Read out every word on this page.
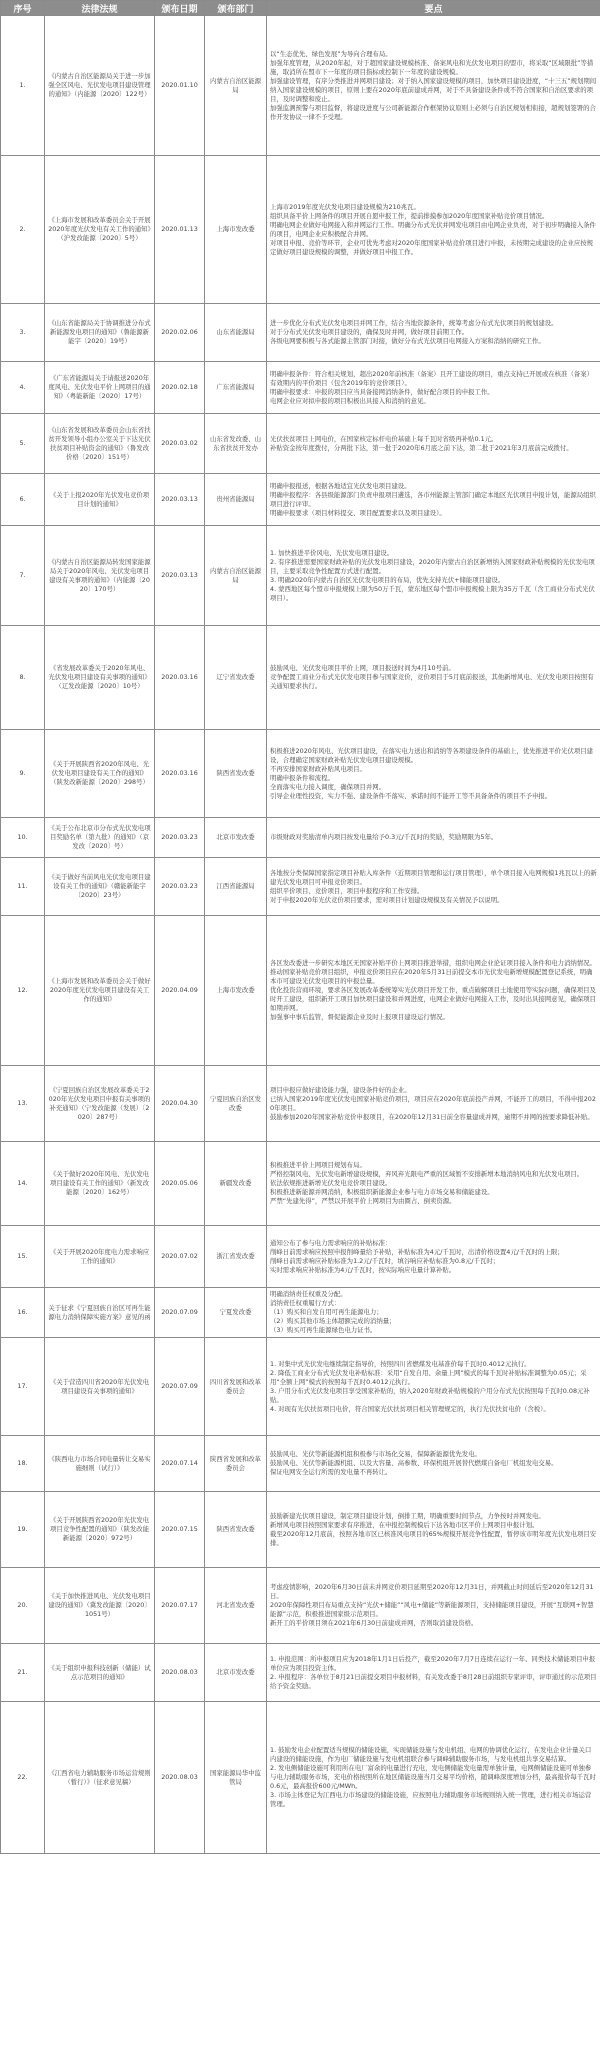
序号	法律法规	颁布日期	颁布部门	要点
1.	《内蒙古自治区能源局关于进一步加强全区风电、光伏发电项目建设管理的通知》（内能源〔2020〕122号）	2020.01.10	内蒙古自治区能源局	以“生态优先、绿色发展”为导向合理布局。

加强年度管理，从2020年起，对于超国家建设规模核准、备案风电和光伏发电项目的盟市，将采取“区域限批”等措施，取消所在盟市下一年度的项目指标或控制下一年度的建设规模。

加强建设管理，有序分类推进并网项目建设；对于纳入国家建设规模的项目，加快项目建设进度，“十三五”规划期间纳入国家建设规模的项目，原则上要在2020年底前建成并网，对于不具备建设条件或不符合国家和自治区要求的项目，及时调整和废止。

加强监测预警与项目监督，将建设进度与公司新能源合作框架协议原则上必须与自治区规划相衔接，超规划签署的合作开发协议一律不予受理。

2.	《上海市发展和改革委员会关于开展2020年度光伏发电有关工作的通知》（沪发改能源〔2020〕5号）	2020.01.13	上海市发改委	上海市2019年度光伏发电项目建设规模为210兆瓦。

组织具备平价上网条件的项目开展自愿申报工作，提前排摸参加2020年度国家补贴竞价项目情况。

明确电网企业做好电网接入和并网运行工作。明确分布式光伏并网发电项目由电网企业负责，对于初步明确接入条件的项目，电网企业应积极配合并网。

对项目申报、竞价等环节，企业可优先考虑对2020年度国家补贴竞价项目进行申报，未按期完成建设的企业应按规定做好项目建设规模的调整，并做好项目申报工作。

3.	《山东省能源局关于协调推进分布式新能源发电项目的通知》（鲁能源新能字〔2020〕19号）	2020.02.06	山东省能源局	进一步优化分布式光伏发电项目并网工作，结合当地资源条件，统筹考虑分布式光伏项目的规划建设。

对于分布式光伏发电项目建设的，确保及时并网，做好项目前期工作。

各级电网要积极与各式能源主管部门对接，做好分布式光伏项目电网接入方案和消纳的研究工作。

4.	《广东省能源局关于请报送2020年度风电、光伏发电平价上网项目的通知》（粤能新能〔2020〕17号）	2020.02.18	广东省能源局	明确申报条件：符合相关规划，超出2020年前核准（备案）且开工建设的项目，重点支持已开展或在核准（备案）有效期内的平价项目（包含2019年的竞价项目）。

明确申报要求：申报的项目应当具备接网消纳条件，做好配合项目的申报工作。

电网企业应对拟申报的项目积极出具接入和消纳的意见。

5.	《山东省发展和改革委员会山东省扶贫开发领导小组办公室关于下达光伏扶贫项目补贴资金的通知》（鲁发改价格〔2020〕151号）	2020.03.02	山东省发改委、山东省扶贫开发办	光伏扶贫项目上网电价，在国家核定标杆电价基础上每千瓦时省级再补贴0.1元。

补贴资金按年度拨付，分两批下达，第一批于2020年6月底之前下达，第二批于2021年3月底前完成拨付。

6.	《关于上报2020年光伏发电竞价项目计划的通知》	2020.03.13	贵州省能源局	明确申报报送，根据各地适宜光伏发电项目建设。

明确申报程序：各县级能源部门负责申报项目遴选，各市州能源主管部门确定本地区光伏项目申报计划，能源局组织项目进行评审。

明确申报要求（项目材料提交、项目配置要求以及项目建设）。

7.	《内蒙古自治区能源局转发国家能源局关于2020年风电、光伏发电项目建设有关事项的通知》（内能源〔2020〕170号）	2020.03.13	内蒙古自治区能源局	1. 加快推进平价风电、光伏发电项目建设。

2. 有序推进需要国家财政补贴的光伏发电项目建设，2020年内蒙古自治区新增纳入国家财政补贴规模的光伏发电项目，主要采取竞争性配置方式进行配置。

3. 明确2020年内蒙古自治区光伏发电项目的布局，优先支持光伏+储能项目建设。

4. 蒙西地区每个盟市申报规模上限为50万千瓦，蒙东地区每个盟市申报规模上限为35万千瓦（含工商业分布式光伏项目）。

8.	《省发展改革委关于2020年风电、光伏发电项目建设有关事项的通知》（辽发改能源〔2020〕10号）	2020.03.16	辽宁省发改委	鼓励风电、光伏发电项目平价上网，项目报送时间为4月10号前。

竞争配置工商业分布式光伏发电项目参与国家竞价，竞价项目于5月底前报送，其他新增风电、光伏发电项目按照有关通知要求执行。

9.	《关于开展陕西省2020年风电、光伏发电项目建设有关工作的通知》（陕发改新能源〔2020〕298号）	2020.03.16	陕西省发改委	积极推进2020年风电、光伏项目建设，在落实电力送出和消纳等各项建设条件的基础上，优先推进平价光伏项目建设，合理确定国家财政补贴光伏发电项目建设规模。

不再安排国家财政补贴风电项目。

明确申报条件和流程。

全面落实电力接入调度，确保项目并网。

引导企业理性投资，实力不强、建设条件不落实、承诺时间不能开工等不具备条件的项目不予申报。

10.	《关于公布北京市分布式光伏发电项目奖励名单（第九批）的通知》（京发改〔2020〕号）	2020.03.23	北京市发改委	市级财政对奖励清单内项目按发电量给予0.3元/千瓦时的奖励，奖励期限为5年。

11.	《关于做好当前风电光伏发电项目建设有关工作的通知》（赣能新能字〔2020〕23号）	2020.03.23	江西省能源局	各地按分类保障国家指定项目补贴入库条件（近期项目管理和运行项目管理），单个项目接入电网规模1兆瓦以上的新建光伏发电项目可申报竞价项目。

组织平价项目、竞价项目，项目申报程序和工作安排。

对于申报2020年光伏竞价项目要求，需对项目计划建设规模及有关情况予以说明。

12.	《上海市发展和改革委员会关于做好2020年度光伏发电项目建设有关工作的通知》	2020.04.09	上海市发改委	各区发改委进一步研究本地区无国家补贴平价上网项目推进举措，组织电网企业论证项目接入条件和电力消纳情况。

推动国家补贴竞价项目组织，申报竞价项目应在2020年5月31日前提交本市光伏发电新增规模配置登记系统，明确本市可建设光伏发电项目的申报总量。

优化投资营商环境，要求各区发展改革委统筹实光伏项目开发工作，重点破解项目土地使用等实际问题，确保项目及时开工建设，组织新开工项目加快项目建设和并网进度，电网企业做好电网接入工作，及时出具接网意见，确保项目如期并网。

加强事中事后监管，督促能源企业及时上报项目建设运行情况。

13.	《宁夏回族自治区发展改革委关于2020年光伏发电项目申报有关事项的补充通知》（宁发改能源（发展）〔2020〕287号）	2020.04.30	宁夏回族自治区发改委	项目申报应做好建设能力强，建设条件好的企业。

已纳入国家2019年度光伏发电国家补贴竞价项目，项目应在2020年底前投产并网，不能开工的项目，不得申报2020年项目。

鼓励参加2020年国家补贴竞价申报项目，在2020年12月31日前全容量建成并网，逾期不并网的按要求降低补贴。

14.	《关于做好2020年风电、光伏发电项目建设有关工作的通知》（新发改能源〔2020〕162号）	2020.05.06	新疆发改委	积极推进平价上网项目规划布局。

严格控制风电、光伏发电新增建设规模，弃风弃光限电严重的区域暂不安排新增本地消纳风电和光伏发电项目。

依法依规推进新增光伏发电竞价项目建设。

积极推进新能源并网消纳，积极组织新能源企业参与电力市场交易和储能建设。

严禁“先建先得”，严禁以开展平价上网项目为由圈占、倒卖资源。

15.	《关于开展2020年度电力需求响应工作的通知》	2020.07.02	浙江省发改委	通知公布了参与电力需求响应的补贴标准：

削峰日前需求响应按照申报削峰量给予补贴，补贴标准为4元/千瓦时，出清价格设置4元/千瓦时的上限；

削峰日前需求响应补贴标准为1.2元/千瓦时，填谷响应补贴标准为0.8元/千瓦时；

实时需求响应补贴标准为4元/千瓦时，按实际响应电量计算补贴。

16.	关于征求《宁夏回族自治区可再生能源电力消纳保障实施方案》意见的函	2020.07.09	宁夏发改委	明确消纳责任权重及分配。

消纳责任权重履行方式：

（1）购买和自发自用可再生能源电力；

（2）购买其他市场主体超额完成的消纳量；

（3）购买可再生能源绿色电力证书。

17.	《关于营造四川省2020年光伏发电项目建设有关事项的通知》	2020.07.09	四川省发展和改革委员会	1. 对集中式光伏发电继续制定指导价，按照四川省燃煤发电基准价每千瓦时0.4012元执行。

2. 降低工商业分布式光伏发电补贴标准：采用“自发自用、余量上网”模式的每千瓦时补贴标准调整为0.05元；采用“全额上网”模式的按照每千瓦时0.4012元执行。

3. 户用分布式光伏发电项目享受国家补贴的，纳入2020年财政补贴规模的户用分布式光伏按照每千瓦时0.08元补贴。

4. 对现有光伏扶贫项目电价，符合国家光伏扶贫项目相关管理规定的，执行光伏扶贫电价（含税）。

18.	《陕西电力市场合同电量转让交易实施细则（试行）》	2020.07.14	陕西省发展和改革委员会	鼓励风电、光伏等新能源机组积极参与市场化交易，保障新能源优先发电。

鼓励风电、光伏等新能源机组、以及大容量、高参数、环保机组开展替代燃煤自备电厂机组发电交易。

保证电网安全运行所需的发电量不再转让。

19.	《关于开展陕西省2020年光伏发电项目竞争性配置的通知》（陕发改能新能源〔2020〕972号）	2020.07.15	陕西省发改委	鼓励新建光伏项目建设，制定项目建设计划，倒排工期，明确重要时间节点，力争按时并网发电。

新增风电项目按照国家要求有序推进，在申报控制规模后下达各地市区平价上网项目申报计划。

截至2020年12月底前，按照各地市区已核准风电项目的65%规模开展竞争性配置，暂停该市明年度光伏发电项目安排。

20.	《关于加快推进风电、光伏发电项目建设的通知》（冀发改能源〔2020〕1051号）	2020.07.17	河北省发改委	考虑疫情影响，2020年6月30日前未并网竞价项目延期至2020年12月31日，并网截止时间延后至2020年12月31日。

2020年保障性项目布局重点支持“光伏+储能”“风电+储能”等新能源项目，支持储能项目建设，开展“互联网+智慧能源”示范，积极推进国家级示范项目。

新开工的平价项目须在2021年6月30日前建成并网，否则取消建设资格。

21.	《关于组织申报科技创新（储能）试点示范项目的通知》	2020.08.03	北京市发改委	1. 申报范围：所申报项目应为2018年1月1日后投产，截至2020年7月7日连续在运行一年、同类技术储能项目申报单位应为项目投资主体。

2. 申报程序：各单位于8月21日前提交项目申报材料，有关发改委于8月28日前组织专家评审，评审通过的示范项目给予资金奖励。

22.	《江西省电力辅助服务市场运营规则（暂行）》（征求意见稿）	2020.08.03	国家能源局华中监管局	1. 鼓励发电企业配置适当规模的储能设施，实现储能设施与发电机组、电网的协调优化运行，在发电企业计量关口内建设的储能设施，作为电厂储能设施与发电机组联合参与调峰辅助服务市场，与发电机组共享交易结算。

2. 发电侧储能设施可利用所在电厂富余的电量进行充电，发电侧储能发电量需单独计量，电网侧储能设施可单独参与电力辅助服务市场，充电价格按照所在地区储能设施当月交易平均价格，随调峰深度增加分档，最高报价每千瓦时0.6元，最高报价600元/MWh。

3. 市场主体登记为江西电力市场建设的储能设施，应按照电力辅助服务市场规则纳入统一管理，进行相关市场运营管理。
